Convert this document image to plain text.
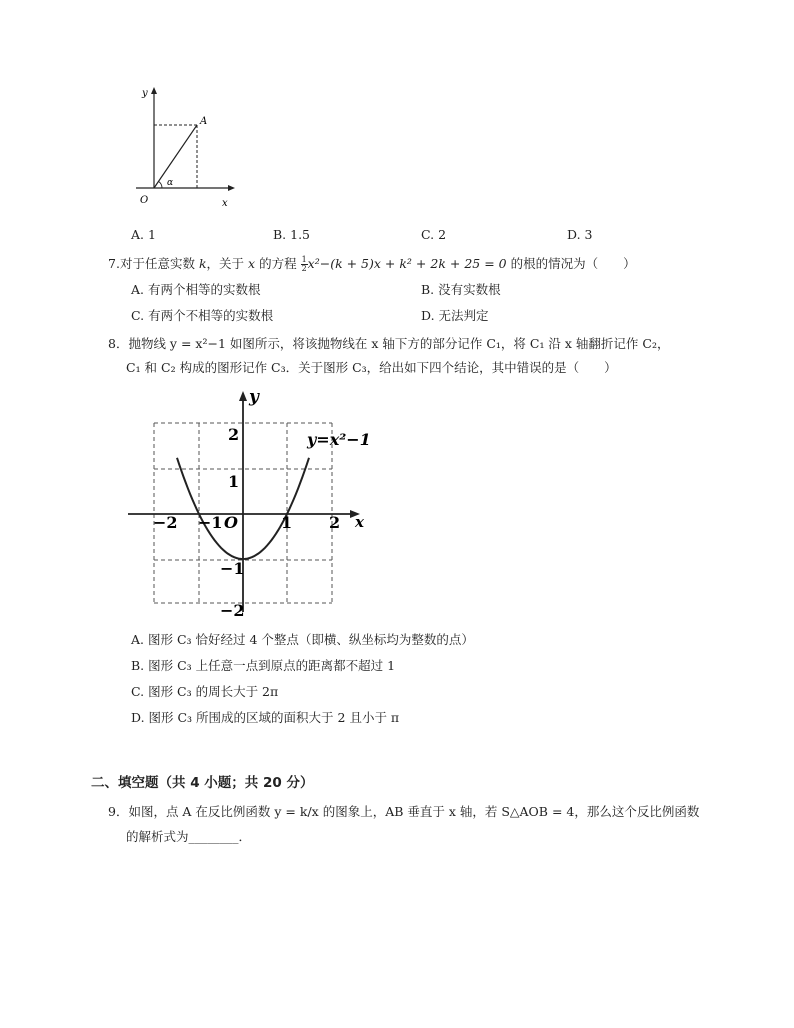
y
x
O
A
α
A. 1	B. 1.5	C. 2	D. 3
7.对于任意实数 k，关于 x 的方程 $\frac{1}{2} x^2-(k + 5)x + k^2 + 2k + 25 = 0$ 的根的情况为（　　）
A. 有两个相等的实数根	B. 没有实数根
C. 有两个不相等的实数根	D. 无法判定
8．抛物线 y = x²−1 如图所示，将该抛物线在 x 轴下方的部分记作 C₁，将 C₁ 沿 x 轴翻折记作 C₂，
C₁ 和 C₂ 构成的图形记作 C₃．关于图形 C₃，给出如下四个结论，其中错误的是（　　）
y
x
y=x²−1
O
−2 −1	1 2
2
1
−1
−2
A. 图形 C₃ 恰好经过 4 个整点（即横、纵坐标均为整数的点）
B. 图形 C₃ 上任意一点到原点的距离都不超过 1
C. 图形 C₃ 的周长大于 2π
D. 图形 C₃ 所围成的区域的面积大于 2 且小于 π
二、填空题（共 4 小题；共 20 分）
9．如图，点 A 在反比例函数 y = k/x 的图象上，AB 垂直于 x 轴，若 S△AOB = 4，那么这个反比例函数
的解析式为________．
